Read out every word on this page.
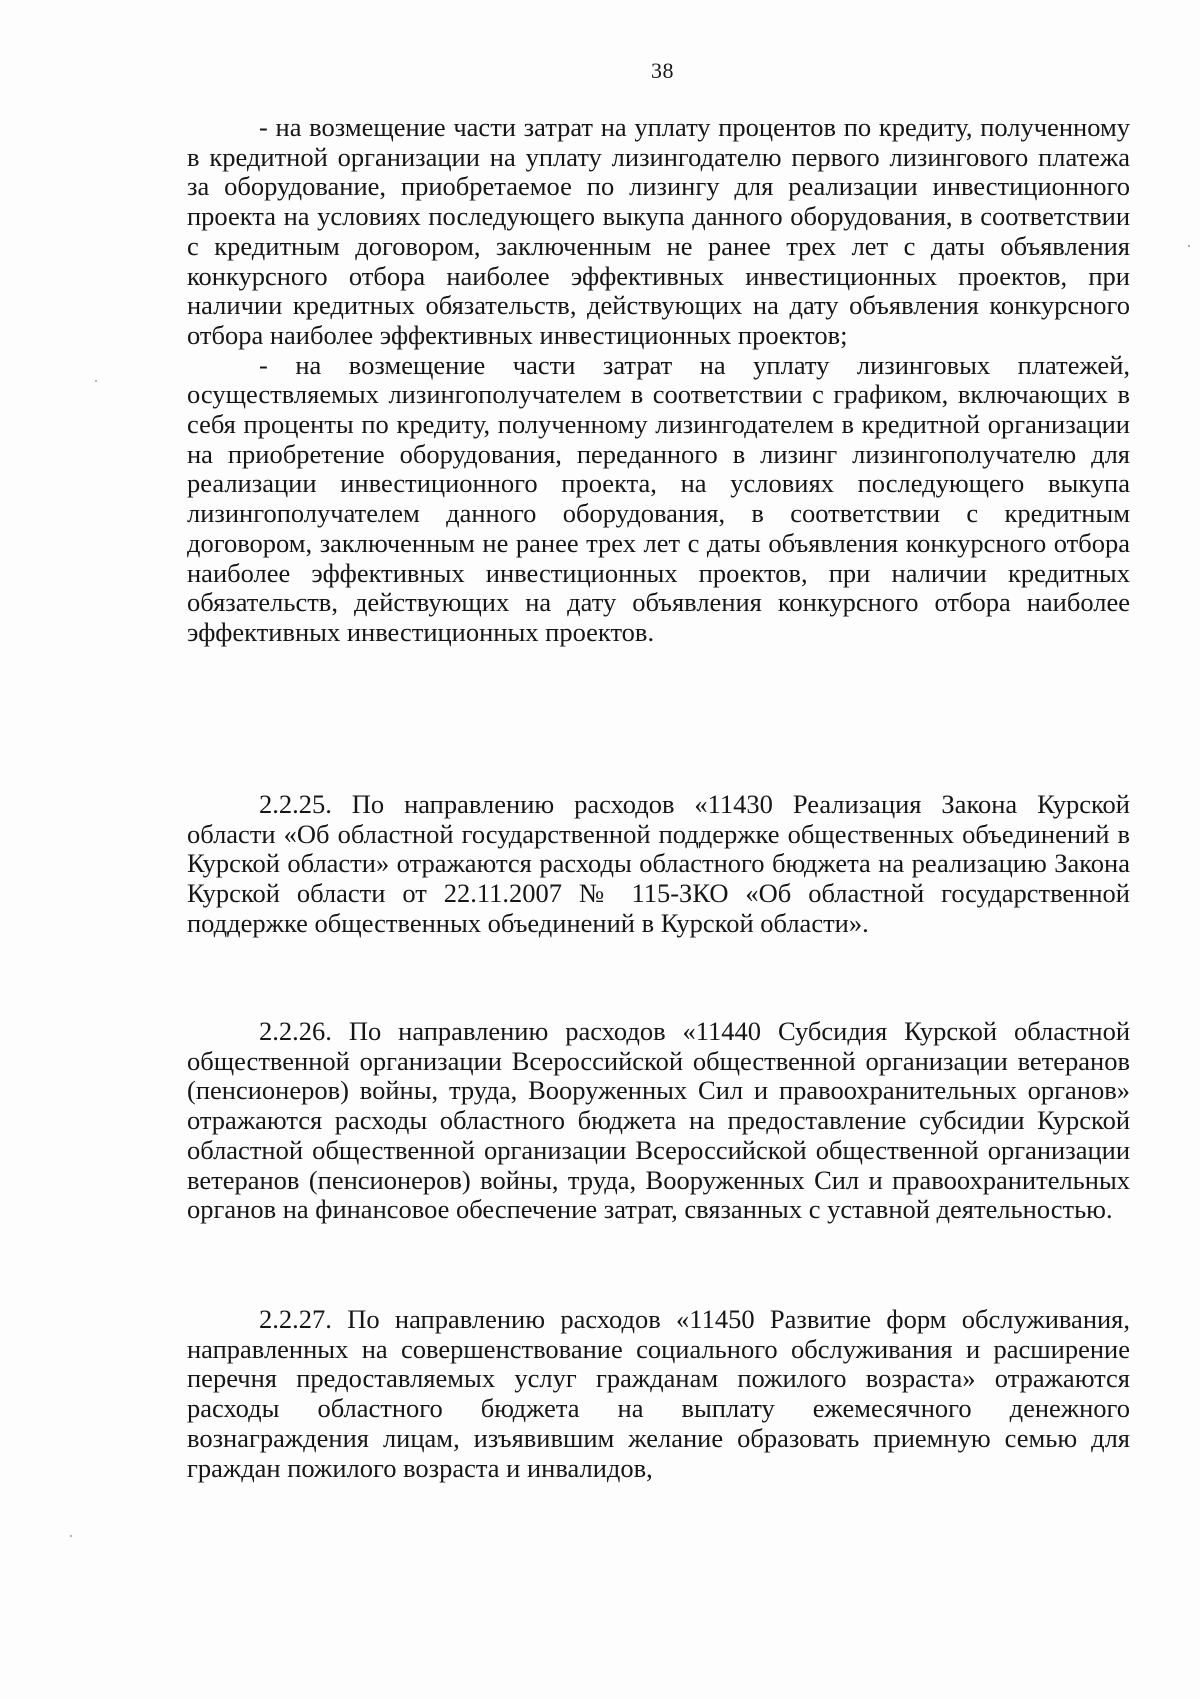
38

- на возмещение части затрат на уплату процентов по кредиту, полученному в кредитной организации на уплату лизингодателю первого лизингового платежа за оборудование, приобретаемое по лизингу для реализации инвестиционного проекта на условиях последующего выкупа данного оборудования, в соответствии с кредитным договором, заключенным не ранее трех лет с даты объявления конкурсного отбора наиболее эффективных инвестиционных проектов, при наличии кредитных обязательств, действующих на дату объявления конкурсного отбора наиболее эффективных инвестиционных проектов;

- на возмещение части затрат на уплату лизинговых платежей, осуществляемых лизингополучателем в соответствии с графиком, включающих в себя проценты по кредиту, полученному лизингодателем в кредитной организации на приобретение оборудования, переданного в лизинг лизингополучателю для реализации инвестиционного проекта, на условиях последующего выкупа лизингополучателем данного оборудования, в соответствии с кредитным договором, заключенным не ранее трех лет с даты объявления конкурсного отбора наиболее эффективных инвестиционных проектов, при наличии кредитных обязательств, действующих на дату объявления конкурсного отбора наиболее эффективных инвестиционных проектов.

2.2.25. По направлению расходов «11430 Реализация Закона Курской области «Об областной государственной поддержке общественных объединений в Курской области» отражаются расходы областного бюджета на реализацию Закона Курской области от 22.11.2007 № 115-ЗКО «Об областной государственной поддержке общественных объединений в Курской области».

2.2.26. По направлению расходов «11440 Субсидия Курской областной общественной организации Всероссийской общественной организации ветеранов (пенсионеров) войны, труда, Вооруженных Сил и правоохранительных органов» отражаются расходы областного бюджета на предоставление субсидии Курской областной общественной организации Всероссийской общественной организации ветеранов (пенсионеров) войны, труда, Вооруженных Сил и правоохранительных органов на финансовое обеспечение затрат, связанных с уставной деятельностью.

2.2.27. По направлению расходов «11450 Развитие форм обслуживания, направленных на совершенствование социального обслуживания и расширение перечня предоставляемых услуг гражданам пожилого возраста» отражаются расходы областного бюджета на выплату ежемесячного денежного вознаграждения лицам, изъявившим желание образовать приемную семью для граждан пожилого возраста и инвалидов,
